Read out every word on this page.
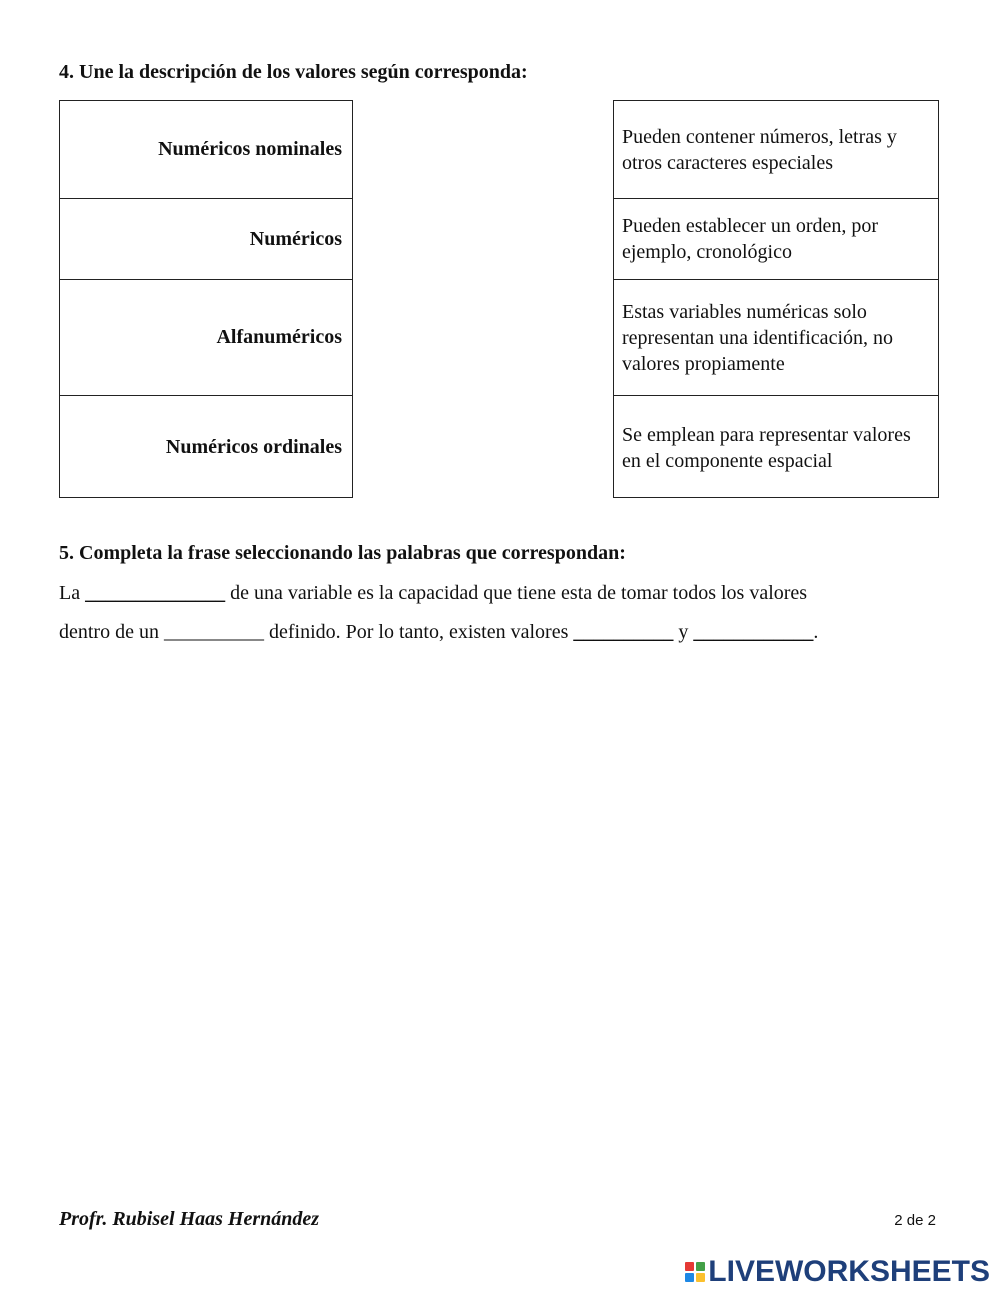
4. Une la descripción de los valores según corresponda:
Numéricos nominales
Numéricos
Alfanuméricos
Numéricos ordinales
Pueden contener números, letras y otros caracteres especiales
Pueden establecer un orden, por ejemplo, cronológico
Estas variables numéricas solo representan una identificación, no valores propiamente
Se emplean para representar valores en el componente espacial
5. Completa la frase seleccionando las palabras que correspondan:

La ______________ de una variable es la capacidad que tiene esta de tomar todos los valores

dentro de un __________ definido. Por lo tanto, existen valores __________ y ____________.

Profr. Rubisel Haas Hernández	2 de 2
LIVEWORKSHEETS
